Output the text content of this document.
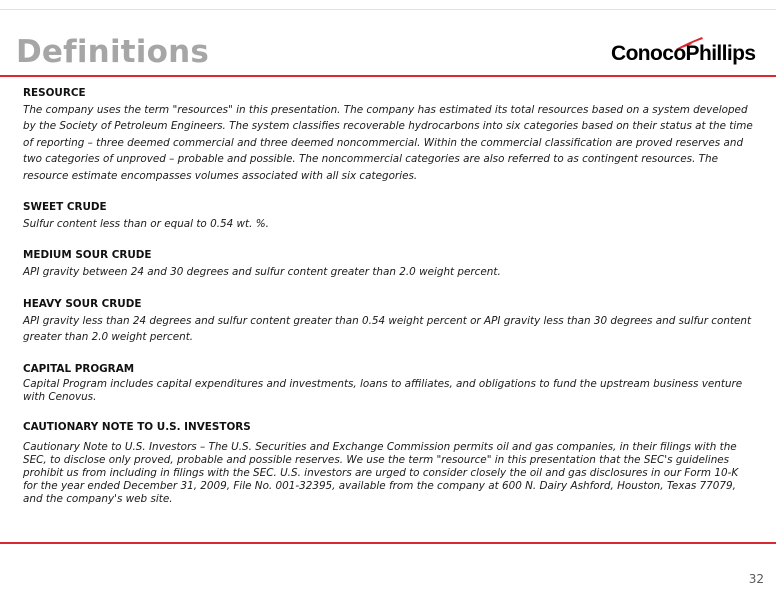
Definitions	ConocoPhillips

RESOURCE

The company uses the term "resources" in this presentation. The company has estimated its total resources based on a system developed by the Society of Petroleum Engineers. The system classifies recoverable hydrocarbons into six categories based on their status at the time of reporting – three deemed commercial and three deemed noncommercial. Within the commercial classification are proved reserves and two categories of unproved – probable and possible. The noncommercial categories are also referred to as contingent resources. The resource estimate encompasses volumes associated with all six categories.

SWEET CRUDE

Sulfur content less than or equal to 0.54 wt. %.

MEDIUM SOUR CRUDE

API gravity between 24 and 30 degrees and sulfur content greater than 2.0 weight percent.

HEAVY SOUR CRUDE

API gravity less than 24 degrees and sulfur content greater than 0.54 weight percent or API gravity less than 30 degrees and sulfur content greater than 2.0 weight percent.

CAPITAL PROGRAM

Capital Program includes capital expenditures and investments, loans to affiliates, and obligations to fund the upstream business venture with Cenovus.

CAUTIONARY NOTE TO U.S. INVESTORS

Cautionary Note to U.S. Investors – The U.S. Securities and Exchange Commission permits oil and gas companies, in their filings with the SEC, to disclose only proved, probable and possible reserves. We use the term "resource" in this presentation that the SEC's guidelines prohibit us from including in filings with the SEC. U.S. investors are urged to consider closely the oil and gas disclosures in our Form 10-K for the year ended December 31, 2009, File No. 001-32395, available from the company at 600 N. Dairy Ashford, Houston, Texas 77079, and the company's web site.

32
